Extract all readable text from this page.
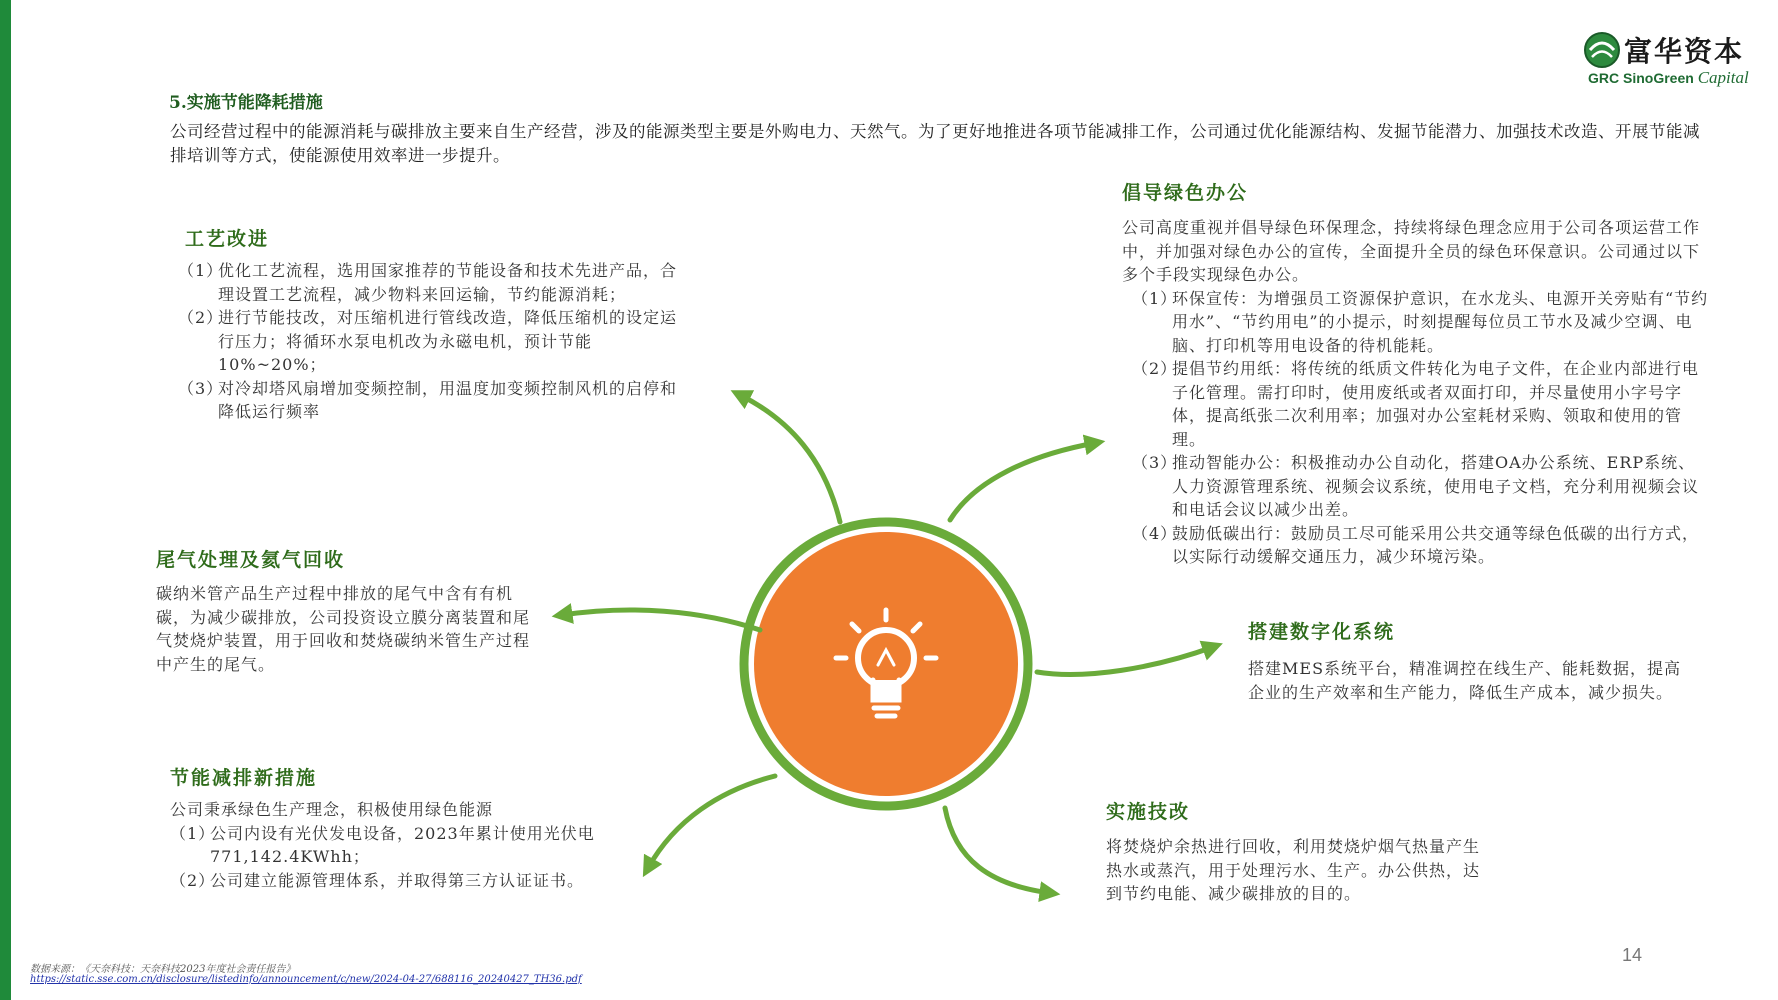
富华资本
GRC SinoGreen Capital
5.实施节能降耗措施
公司经营过程中的能源消耗与碳排放主要来自生产经营，涉及的能源类型主要是外购电力、天然气。为了更好地推进各项节能减排工作，公司通过优化能源结构、发掘节能潜力、加强技术改造、开展节能减排培训等方式，使能源使用效率进一步提升。
工艺改进
（1）
优化工艺流程，选用国家推荐的节能设备和技术先进产品，合理设置工艺流程，减少物料来回运输，节约能源消耗；
（2）
进行节能技改，对压缩机进行管线改造，降低压缩机的设定运行压力；将循环水泵电机改为永磁电机，预计节能10%~20%；
（3）
对冷却塔风扇增加变频控制，用温度加变频控制风机的启停和降低运行频率
尾气处理及氦气回收
碳纳米管产品生产过程中排放的尾气中含有有机碳，为减少碳排放，公司投资设立膜分离装置和尾气焚烧炉装置，用于回收和焚烧碳纳米管生产过程中产生的尾气。
节能减排新措施
公司秉承绿色生产理念，积极使用绿色能源
（1）
公司内设有光伏发电设备，2023年累计使用光伏电771,142.4KWhh；
（2）
公司建立能源管理体系，并取得第三方认证证书。
倡导绿色办公
公司高度重视并倡导绿色环保理念，持续将绿色理念应用于公司各项运营工作中，并加强对绿色办公的宣传，全面提升全员的绿色环保意识。公司通过以下多个手段实现绿色办公。
（1）
环保宣传：为增强员工资源保护意识，在水龙头、电源开关旁贴有“节约用水”、“节约用电”的小提示，时刻提醒每位员工节水及减少空调、电脑、打印机等用电设备的待机能耗。
（2）
提倡节约用纸：将传统的纸质文件转化为电子文件，在企业内部进行电子化管理。需打印时，使用废纸或者双面打印，并尽量使用小字号字体，提高纸张二次利用率；加强对办公室耗材采购、领取和使用的管理。
（3）
推动智能办公：积极推动办公自动化，搭建OA办公系统、ERP系统、人力资源管理系统、视频会议系统，使用电子文档，充分利用视频会议和电话会议以减少出差。
（4）
鼓励低碳出行：鼓励员工尽可能采用公共交通等绿色低碳的出行方式，以实际行动缓解交通压力，减少环境污染。
搭建数字化系统
搭建MES系统平台，精准调控在线生产、能耗数据，提高企业的生产效率和生产能力，降低生产成本，减少损失。
实施技改
将焚烧炉余热进行回收，利用焚烧炉烟气热量产生热水或蒸汽，用于处理污水、生产。办公供热，达到节约电能、减少碳排放的目的。
数据来源：《天奈科技：天奈科技2023年度社会责任报告》
https://static.sse.com.cn/disclosure/listedinfo/announcement/c/new/2024-04-27/688116_20240427_TH36.pdf
14
